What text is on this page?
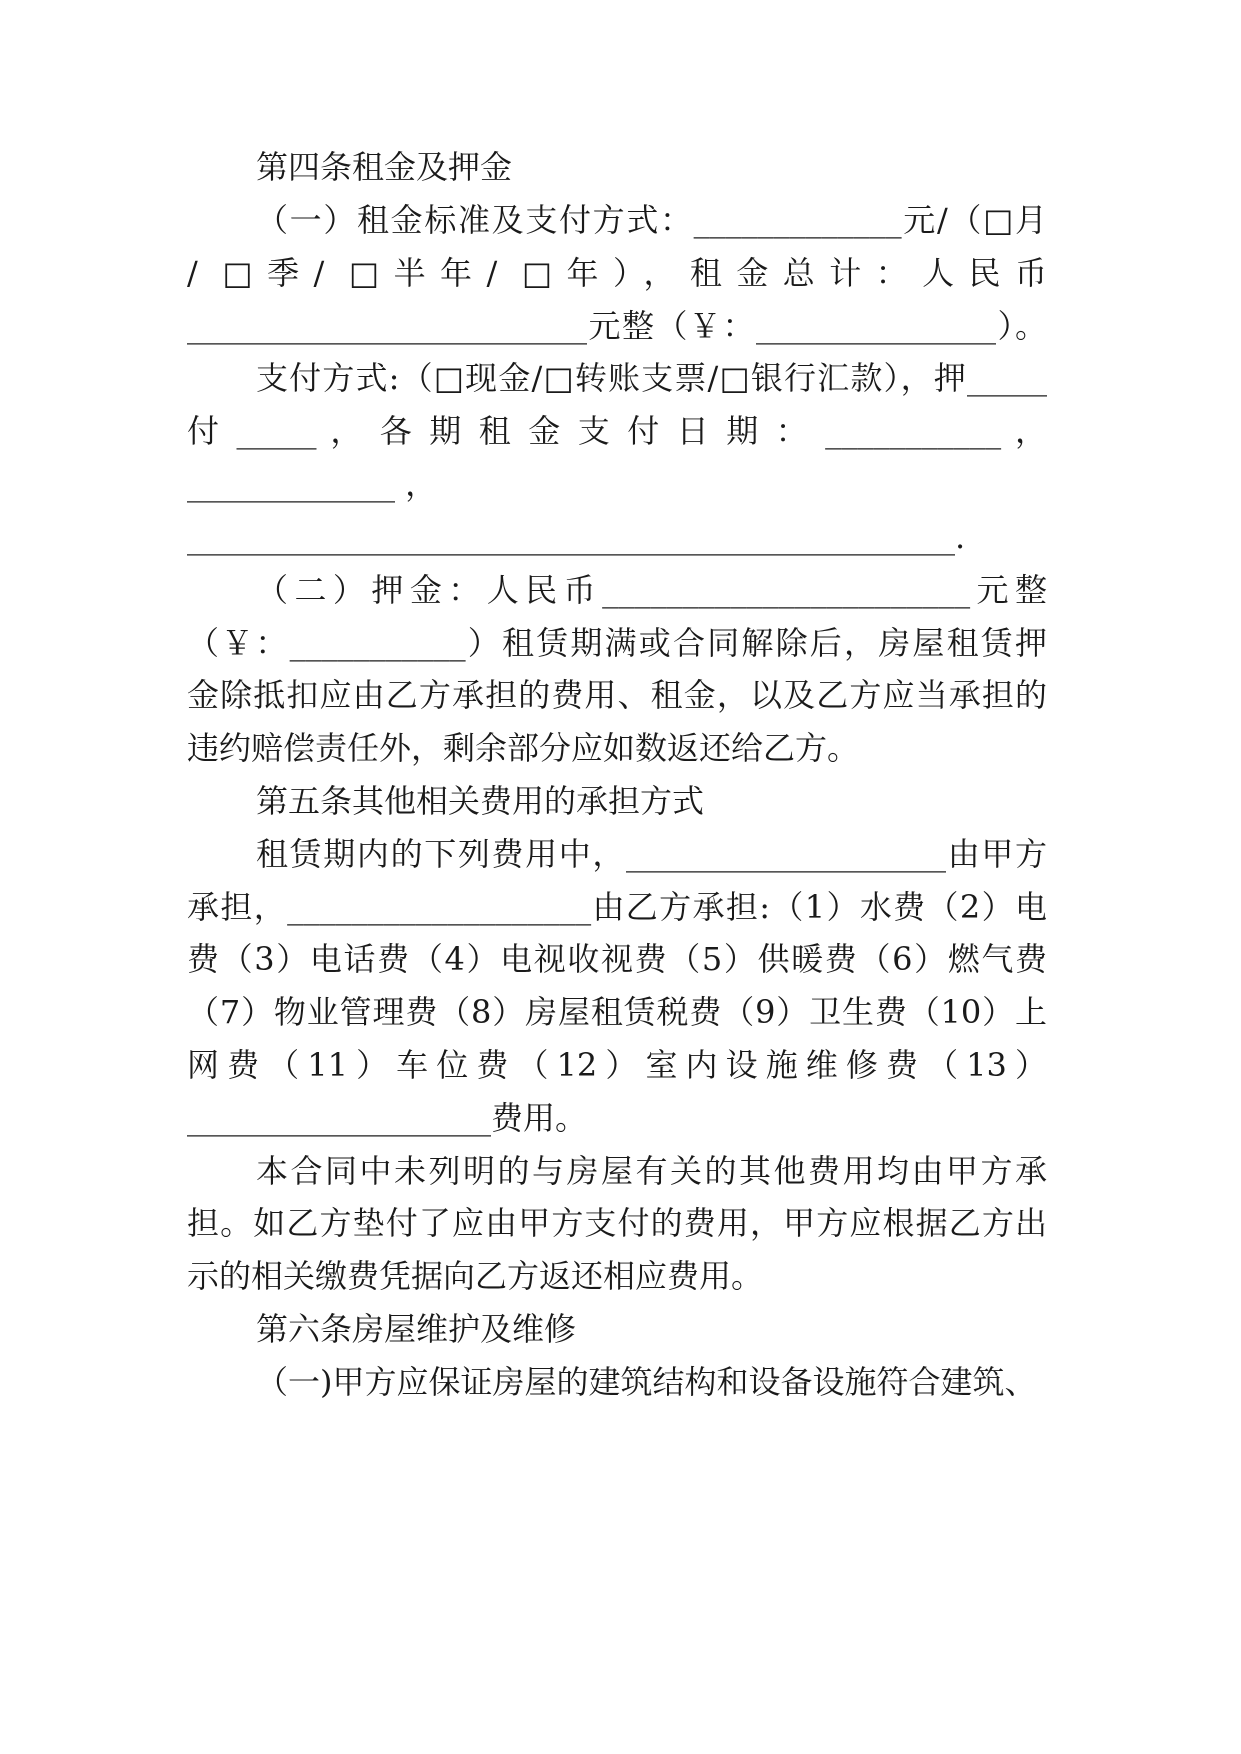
第四条租金及押金
（一）租金标准及支付方式：_____________元/（□月
/ □季/ □半年/ □年），租金总计：人民币
_________________________元整（￥：_______________）。
支付方式:（□现金/□转账支票/□银行汇款），押_____
付 _____ ， 各 期 租 金 支 付 日 期 ： ___________ ，
_____________ ，
________________________________________________.
（二）押金：人民币_______________________元整
（￥：___________）租赁期满或合同解除后，房屋租赁押
金除抵扣应由乙方承担的费用、租金，以及乙方应当承担的
违约赔偿责任外，剩余部分应如数返还给乙方。
第五条其他相关费用的承担方式
租赁期内的下列费用中，____________________由甲方
承担，___________________由乙方承担:（1）水费（2）电
费（3）电话费（4）电视收视费（5）供暖费（6）燃气费
（7）物业管理费（8）房屋租赁税费（9）卫生费（10）上
网费（11）车位费（12）室内设施维修费（13）
___________________费用。
本合同中未列明的与房屋有关的其他费用均由甲方承
担。如乙方垫付了应由甲方支付的费用，甲方应根据乙方出
示的相关缴费凭据向乙方返还相应费用。
第六条房屋维护及维修
（一)甲方应保证房屋的建筑结构和设备设施符合建筑、
